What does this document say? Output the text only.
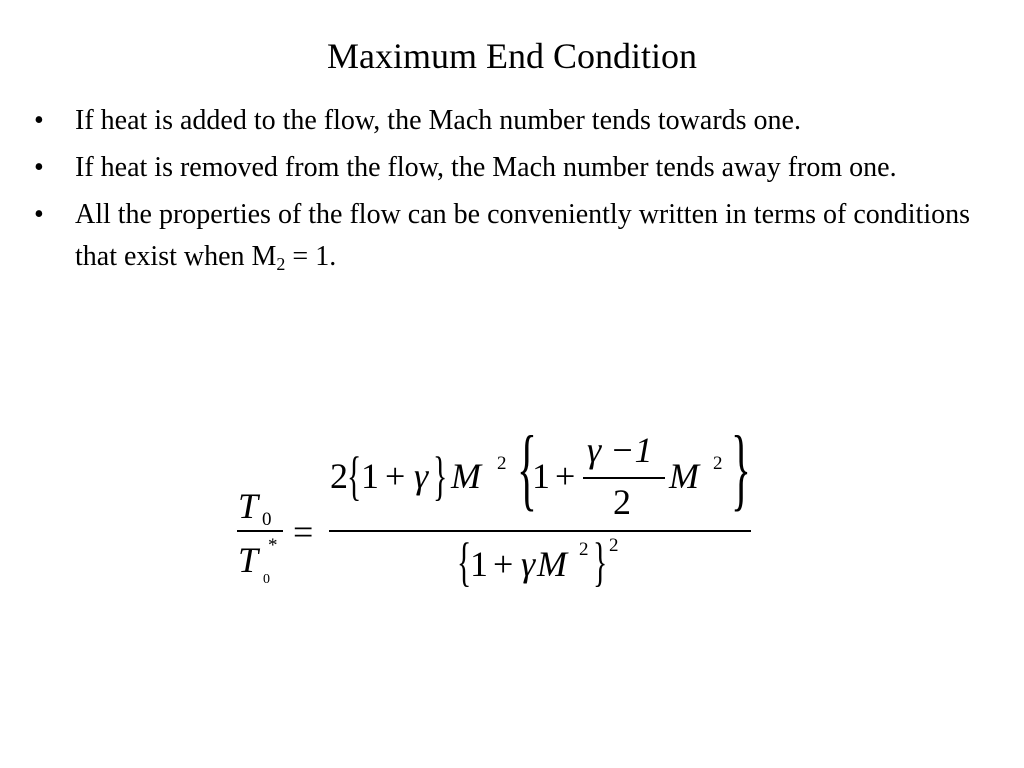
Maximum End Condition
• If heat is added to the flow, the Mach number tends towards one.
• If heat is removed from the flow, the Mach number tends away from one.
• All the properties of the flow can be conveniently written in terms of conditions that exist when $M_2 = 1$.
T 0
T *
0
=
2 { 1 + γ } M 2 {
1 +
γ −1
2
M 2 }
{
1 + γ M 2 } 2
